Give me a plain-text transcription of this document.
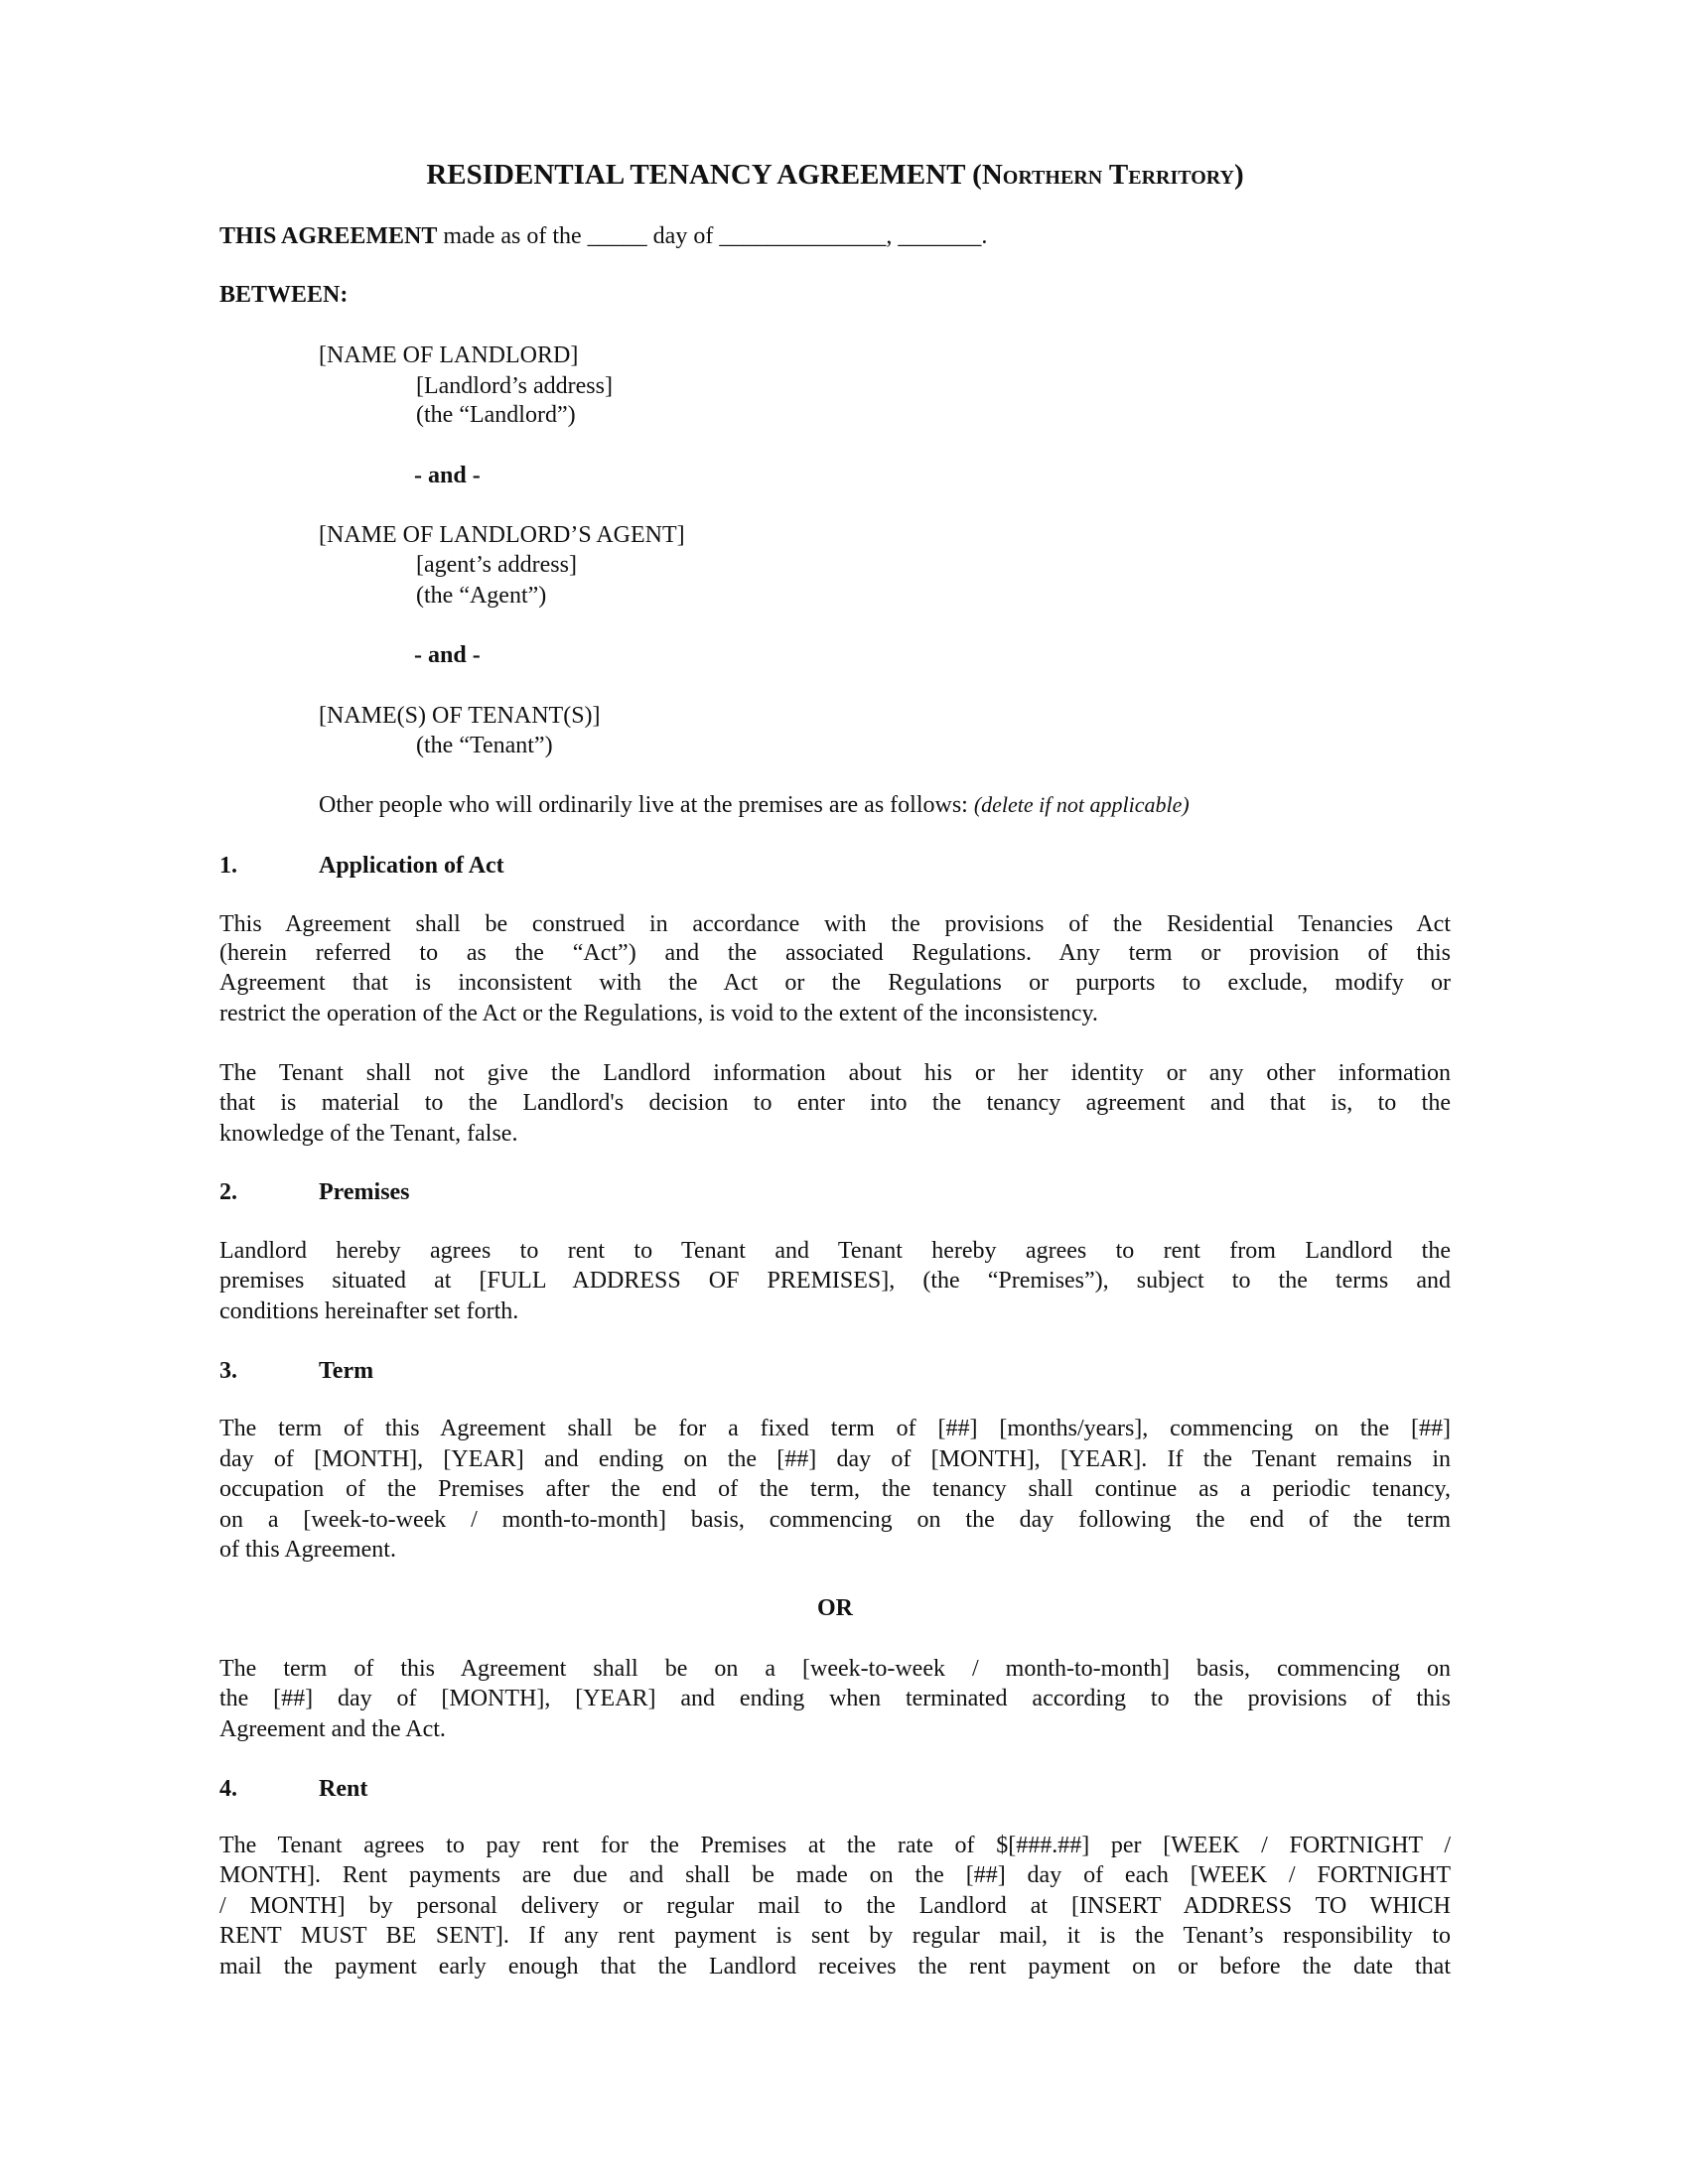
RESIDENTIAL TENANCY AGREEMENT (Northern Territory)
THIS AGREEMENT made as of the _____ day of ______________, _______.
BETWEEN:
[NAME OF LANDLORD]
[Landlord’s address]
(the “Landlord”)
- and -
[NAME OF LANDLORD’S AGENT]
[agent’s address]
(the “Agent”)
- and -
[NAME(S) OF TENANT(S)]
(the “Tenant”)
Other people who will ordinarily live at the premises are as follows: (delete if not applicable)
1.	Application of Act
This Agreement shall be construed in accordance with the provisions of the Residential Tenancies Act
(herein referred to as the “Act”) and the associated Regulations. Any term or provision of this
Agreement that is inconsistent with the Act or the Regulations or purports to exclude, modify or
restrict the operation of the Act or the Regulations, is void to the extent of the inconsistency.
The Tenant shall not give the Landlord information about his or her identity or any other information
that is material to the Landlord's decision to enter into the tenancy agreement and that is, to the
knowledge of the Tenant, false.
2.	Premises
Landlord hereby agrees to rent to Tenant and Tenant hereby agrees to rent from Landlord the
premises situated at [FULL ADDRESS OF PREMISES], (the “Premises”), subject to the terms and
conditions hereinafter set forth.
3.	Term
The term of this Agreement shall be for a fixed term of [##] [months/years], commencing on the [##]
day of [MONTH], [YEAR] and ending on the [##] day of [MONTH], [YEAR]. If the Tenant remains in
occupation of the Premises after the end of the term, the tenancy shall continue as a periodic tenancy,
on a [week-to-week / month-to-month] basis, commencing on the day following the end of the term
of this Agreement.
OR
The term of this Agreement shall be on a [week-to-week / month-to-month] basis, commencing on
the [##] day of [MONTH], [YEAR] and ending when terminated according to the provisions of this
Agreement and the Act.
4.	Rent
The Tenant agrees to pay rent for the Premises at the rate of $[###.##] per [WEEK / FORTNIGHT /
MONTH]. Rent payments are due and shall be made on the [##] day of each [WEEK / FORTNIGHT
/ MONTH] by personal delivery or regular mail to the Landlord at [INSERT ADDRESS TO WHICH
RENT MUST BE SENT]. If any rent payment is sent by regular mail, it is the Tenant’s responsibility to
mail the payment early enough that the Landlord receives the rent payment on or before the date that
